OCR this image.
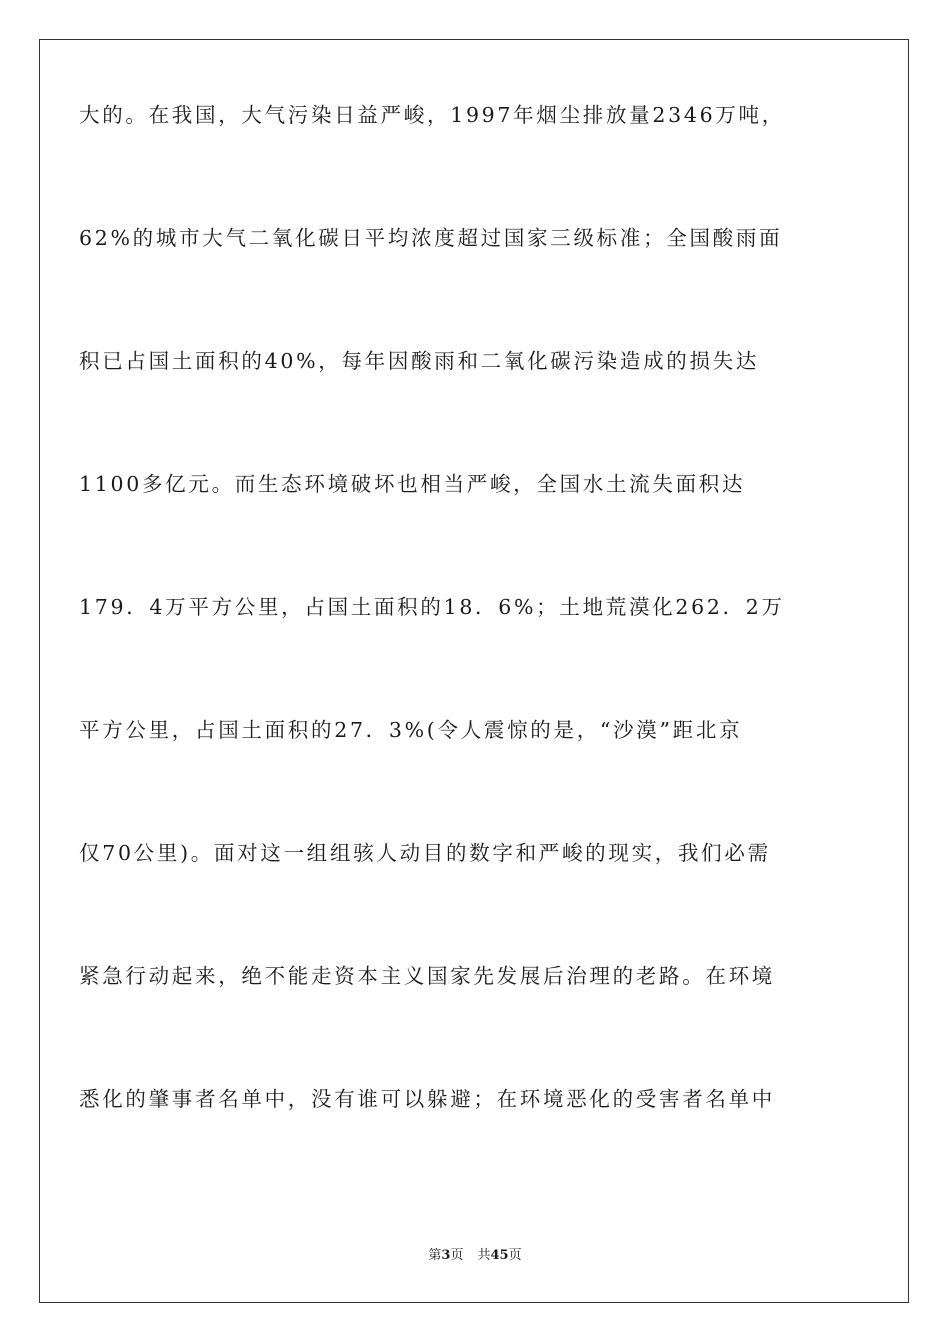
大的。在我国，大气污染日益严峻，1997年烟尘排放量2346万吨，
62%的城市大气二氧化碳日平均浓度超过国家三级标准；全国酸雨面
积已占国土面积的40%，每年因酸雨和二氧化碳污染造成的损失达
1100多亿元。而生态环境破坏也相当严峻，全国水土流失面积达
179．4万平方公里，占国土面积的18．6%；土地荒漠化262．2万
平方公里，占国土面积的27．3%(令人震惊的是，“沙漠”距北京
仅70公里)。面对这一组组骇人动目的数字和严峻的现实，我们必需
紧急行动起来，绝不能走资本主义国家先发展后治理的老路。在环境
悉化的肇事者名单中，没有谁可以躲避；在环境恶化的受害者名单中
第3页 共45页
